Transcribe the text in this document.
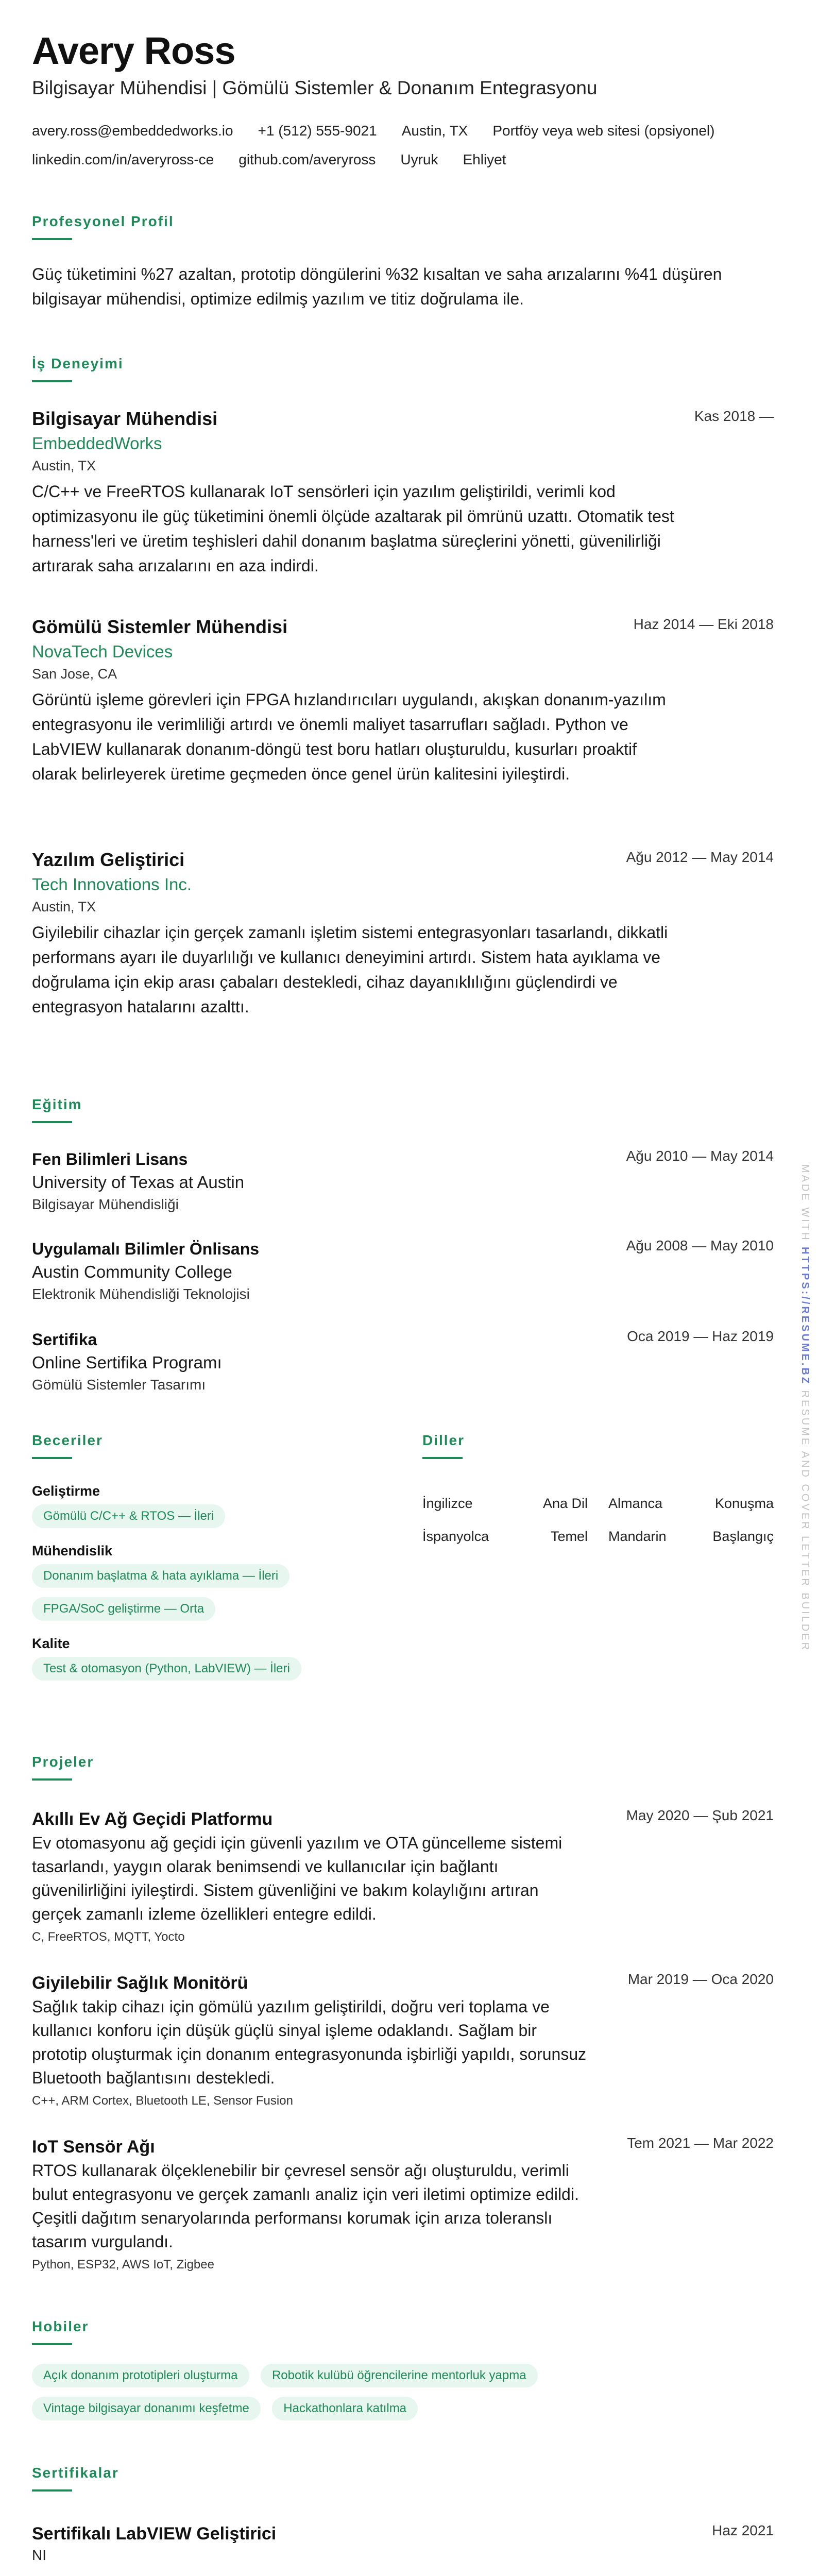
Avery Ross
Bilgisayar Mühendisi | Gömülü Sistemler & Donanım Entegrasyonu
avery.ross@embeddedworks.io +1 (512) 555-9021 Austin, TX Portföy veya web sitesi (opsiyonel)
linkedin.com/in/averyross-ce github.com/averyross Uyruk Ehliyet
Profesyonel Profil
Güç tüketimini %27 azaltan, prototip döngülerini %32 kısaltan ve saha arızalarını %41 düşüren bilgisayar mühendisi, optimize edilmiş yazılım ve titiz doğrulama ile.
İş Deneyimi
Bilgisayar Mühendisi	Kas 2018 —
EmbeddedWorks
Austin, TX
C/C++ ve FreeRTOS kullanarak IoT sensörleri için yazılım geliştirildi, verimli kod optimizasyonu ile güç tüketimini önemli ölçüde azaltarak pil ömrünü uzattı. Otomatik test harness'leri ve üretim teşhisleri dahil donanım başlatma süreçlerini yönetti, güvenilirliği artırarak saha arızalarını en aza indirdi.
Gömülü Sistemler Mühendisi	Haz 2014 — Eki 2018
NovaTech Devices
San Jose, CA
Görüntü işleme görevleri için FPGA hızlandırıcıları uygulandı, akışkan donanım-yazılım entegrasyonu ile verimliliği artırdı ve önemli maliyet tasarrufları sağladı. Python ve LabVIEW kullanarak donanım-döngü test boru hatları oluşturuldu, kusurları proaktif olarak belirleyerek üretime geçmeden önce genel ürün kalitesini iyileştirdi.
Yazılım Geliştirici	Ağu 2012 — May 2014
Tech Innovations Inc.
Austin, TX
Giyilebilir cihazlar için gerçek zamanlı işletim sistemi entegrasyonları tasarlandı, dikkatli performans ayarı ile duyarlılığı ve kullanıcı deneyimini artırdı. Sistem hata ayıklama ve doğrulama için ekip arası çabaları destekledi, cihaz dayanıklılığını güçlendirdi ve entegrasyon hatalarını azalttı.
Eğitim
Fen Bilimleri Lisans	Ağu 2010 — May 2014
University of Texas at Austin
Bilgisayar Mühendisliği
Uygulamalı Bilimler Önlisans	Ağu 2008 — May 2010
Austin Community College
Elektronik Mühendisliği Teknolojisi
Sertifika	Oca 2019 — Haz 2019
Online Sertifika Programı
Gömülü Sistemler Tasarımı
Beceriler
Geliştirme
Gömülü C/C++ & RTOS — İleri
Mühendislik
Donanım başlatma & hata ayıklama — İleri
FPGA/SoC geliştirme — Orta
Kalite
Test & otomasyon (Python, LabVIEW) — İleri
Diller
İngilizce	Ana Dil	Almanca	Konuşma
İspanyolca	Temel	Mandarin	Başlangıç
Projeler
Akıllı Ev Ağ Geçidi Platformu	May 2020 — Şub 2021
Ev otomasyonu ağ geçidi için güvenli yazılım ve OTA güncelleme sistemi tasarlandı, yaygın olarak benimsendi ve kullanıcılar için bağlantı güvenilirliğini iyileştirdi. Sistem güvenliğini ve bakım kolaylığını artıran gerçek zamanlı izleme özellikleri entegre edildi.
C, FreeRTOS, MQTT, Yocto
Giyilebilir Sağlık Monitörü	Mar 2019 — Oca 2020
Sağlık takip cihazı için gömülü yazılım geliştirildi, doğru veri toplama ve kullanıcı konforu için düşük güçlü sinyal işleme odaklandı. Sağlam bir prototip oluşturmak için donanım entegrasyonunda işbirliği yapıldı, sorunsuz Bluetooth bağlantısını destekledi.
C++, ARM Cortex, Bluetooth LE, Sensor Fusion
IoT Sensör Ağı	Tem 2021 — Mar 2022
RTOS kullanarak ölçeklenebilir bir çevresel sensör ağı oluşturuldu, verimli bulut entegrasyonu ve gerçek zamanlı analiz için veri iletimi optimize edildi. Çeşitli dağıtım senaryolarında performansı korumak için arıza toleranslı tasarım vurgulandı.
Python, ESP32, AWS IoT, Zigbee
Hobiler
Açık donanım prototipleri oluşturma	Robotik kulübü öğrencilerine mentorluk yapma
Vintage bilgisayar donanımı keşfetme	Hackathonlara katılma
Sertifikalar
Sertifikalı LabVIEW Geliştirici	Haz 2021
NI
MADE WITH HTTPS://RESUME.BZ RESUME AND COVER LETTER BUILDER
